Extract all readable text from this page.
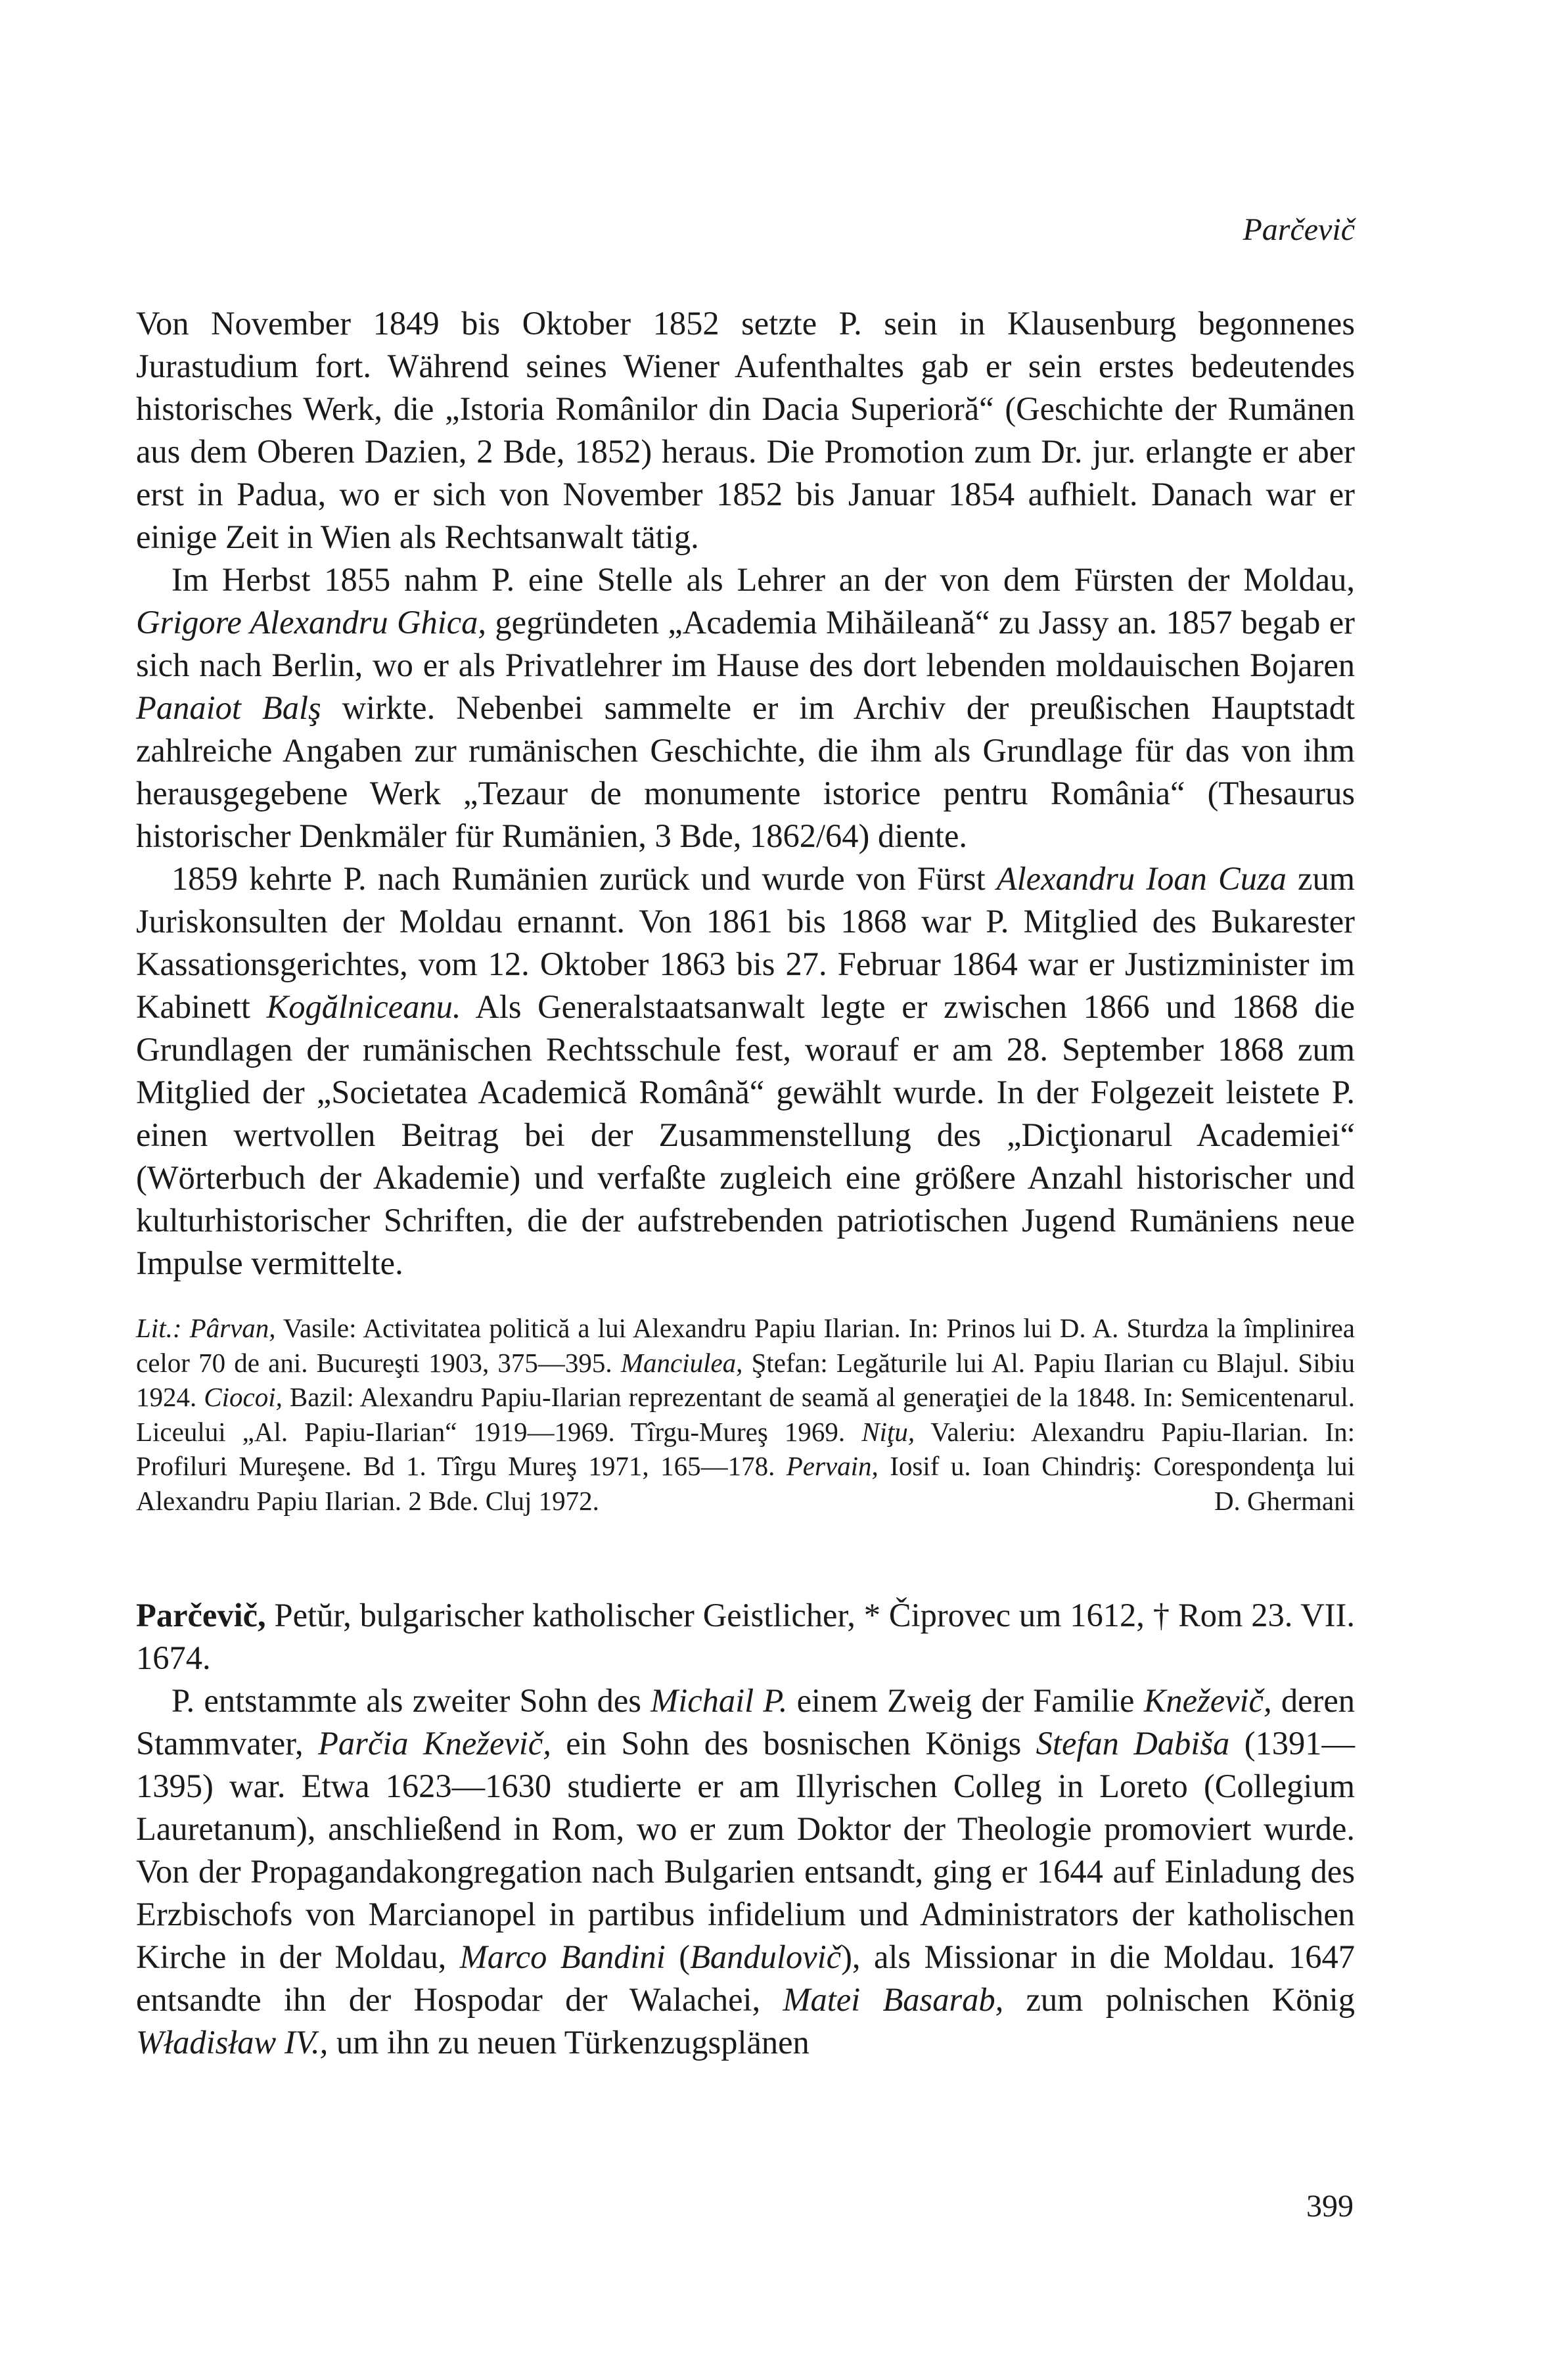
Parčevič

Von November 1849 bis Oktober 1852 setzte P. sein in Klausenburg begonnenes Jurastudium fort. Während seines Wiener Aufenthaltes gab er sein erstes bedeutendes historisches Werk, die „Istoria Românilor din Dacia Superioră“ (Geschichte der Rumänen aus dem Oberen Dazien, 2 Bde, 1852) heraus. Die Promotion zum Dr. jur. erlangte er aber erst in Padua, wo er sich von November 1852 bis Januar 1854 aufhielt. Danach war er einige Zeit in Wien als Rechtsanwalt tätig.

Im Herbst 1855 nahm P. eine Stelle als Lehrer an der von dem Fürsten der Moldau, Grigore Alexandru Ghica, gegründeten „Academia Mihăileană“ zu Jassy an. 1857 begab er sich nach Berlin, wo er als Privatlehrer im Hause des dort lebenden moldauischen Bojaren Panaiot Balş wirkte. Nebenbei sammelte er im Archiv der preußischen Hauptstadt zahlreiche Angaben zur rumänischen Geschichte, die ihm als Grundlage für das von ihm herausgegebene Werk „Tezaur de monumente istorice pentru România“ (Thesaurus historischer Denkmäler für Rumänien, 3 Bde, 1862/64) diente.

1859 kehrte P. nach Rumänien zurück und wurde von Fürst Alexandru Ioan Cuza zum Juriskonsulten der Moldau ernannt. Von 1861 bis 1868 war P. Mitglied des Bukarester Kassationsgerichtes, vom 12. Oktober 1863 bis 27. Februar 1864 war er Justizminister im Kabinett Kogălniceanu. Als Generalstaatsanwalt legte er zwischen 1866 und 1868 die Grundlagen der rumänischen Rechtsschule fest, worauf er am 28. September 1868 zum Mitglied der „Societatea Academică Română“ gewählt wurde. In der Folgezeit leistete P. einen wertvollen Beitrag bei der Zusammenstellung des „Dicţionarul Academiei“ (Wörterbuch der Akademie) und verfaßte zugleich eine größere Anzahl historischer und kulturhistorischer Schriften, die der aufstrebenden patriotischen Jugend Rumäniens neue Impulse vermittelte.

Lit.: Pârvan, Vasile: Activitatea politică a lui Alexandru Papiu Ilarian. In: Prinos lui D. A. Sturdza la împlinirea celor 70 de ani. Bucureşti 1903, 375—395. Manciulea, Ştefan: Legăturile lui Al. Papiu Ilarian cu Blajul. Sibiu 1924. Ciocoi, Bazil: Alexandru Papiu-Ilarian reprezentant de seamă al generaţiei de la 1848. In: Semicentenarul. Liceului „Al. Papiu-Ilarian“ 1919—1969. Tîrgu-Mureş 1969. Niţu, Valeriu: Alexandru Papiu-Ilarian. In: Profiluri Mureşene. Bd 1. Tîrgu Mureş 1971, 165—178. Pervain, Iosif u. Ioan Chindriş: Corespondenţa lui Alexandru Papiu Ilarian. 2 Bde. Cluj 1972.	D. Ghermani

Parčevič, Petŭr, bulgarischer katholischer Geistlicher, * Čiprovec um 1612, † Rom 23. VII. 1674.

P. entstammte als zweiter Sohn des Michail P. einem Zweig der Familie Kneževič, deren Stammvater, Parčia Kneževič, ein Sohn des bosnischen Königs Stefan Dabiša (1391—1395) war. Etwa 1623—1630 studierte er am Illyrischen Colleg in Loreto (Collegium Lauretanum), anschließend in Rom, wo er zum Doktor der Theologie promoviert wurde. Von der Propagandakongregation nach Bulgarien entsandt, ging er 1644 auf Einladung des Erzbischofs von Marcianopel in partibus infidelium und Administrators der katholischen Kirche in der Moldau, Marco Bandini (Bandulovič), als Missionar in die Moldau. 1647 entsandte ihn der Hospodar der Walachei, Matei Basarab, zum polnischen König Władisław IV., um ihn zu neuen Türkenzugsplänen

399
